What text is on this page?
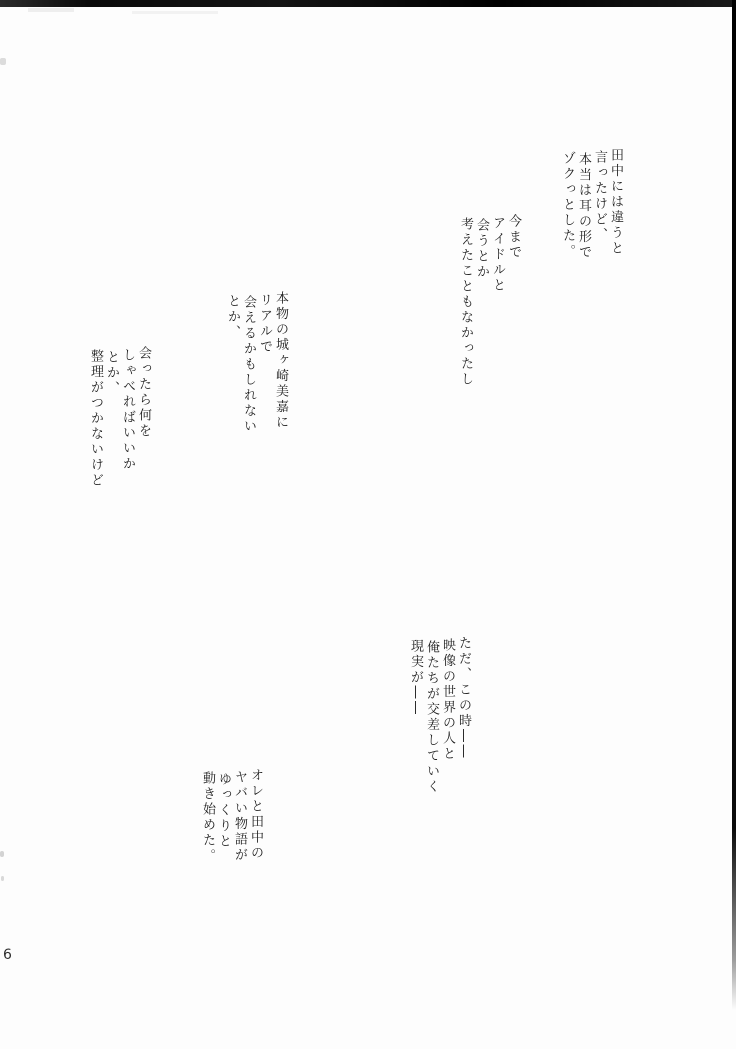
田中には違うと
言ったけど、
本当は耳の形で
ゾクっとした。
今まで
アイドルと
会うとか
考えたこともなかったし
本物の城ヶ崎美嘉に
リアルで
会えるかもしれない
とか、
会ったら何を
しゃべればいいか
とか、
整理がつかないけど
ただ、この時――
映像の世界の人と
俺たちが交差していく
現実が――
オレと田中の
ヤバい物語が
ゆっくりと
動き始めた。
6
